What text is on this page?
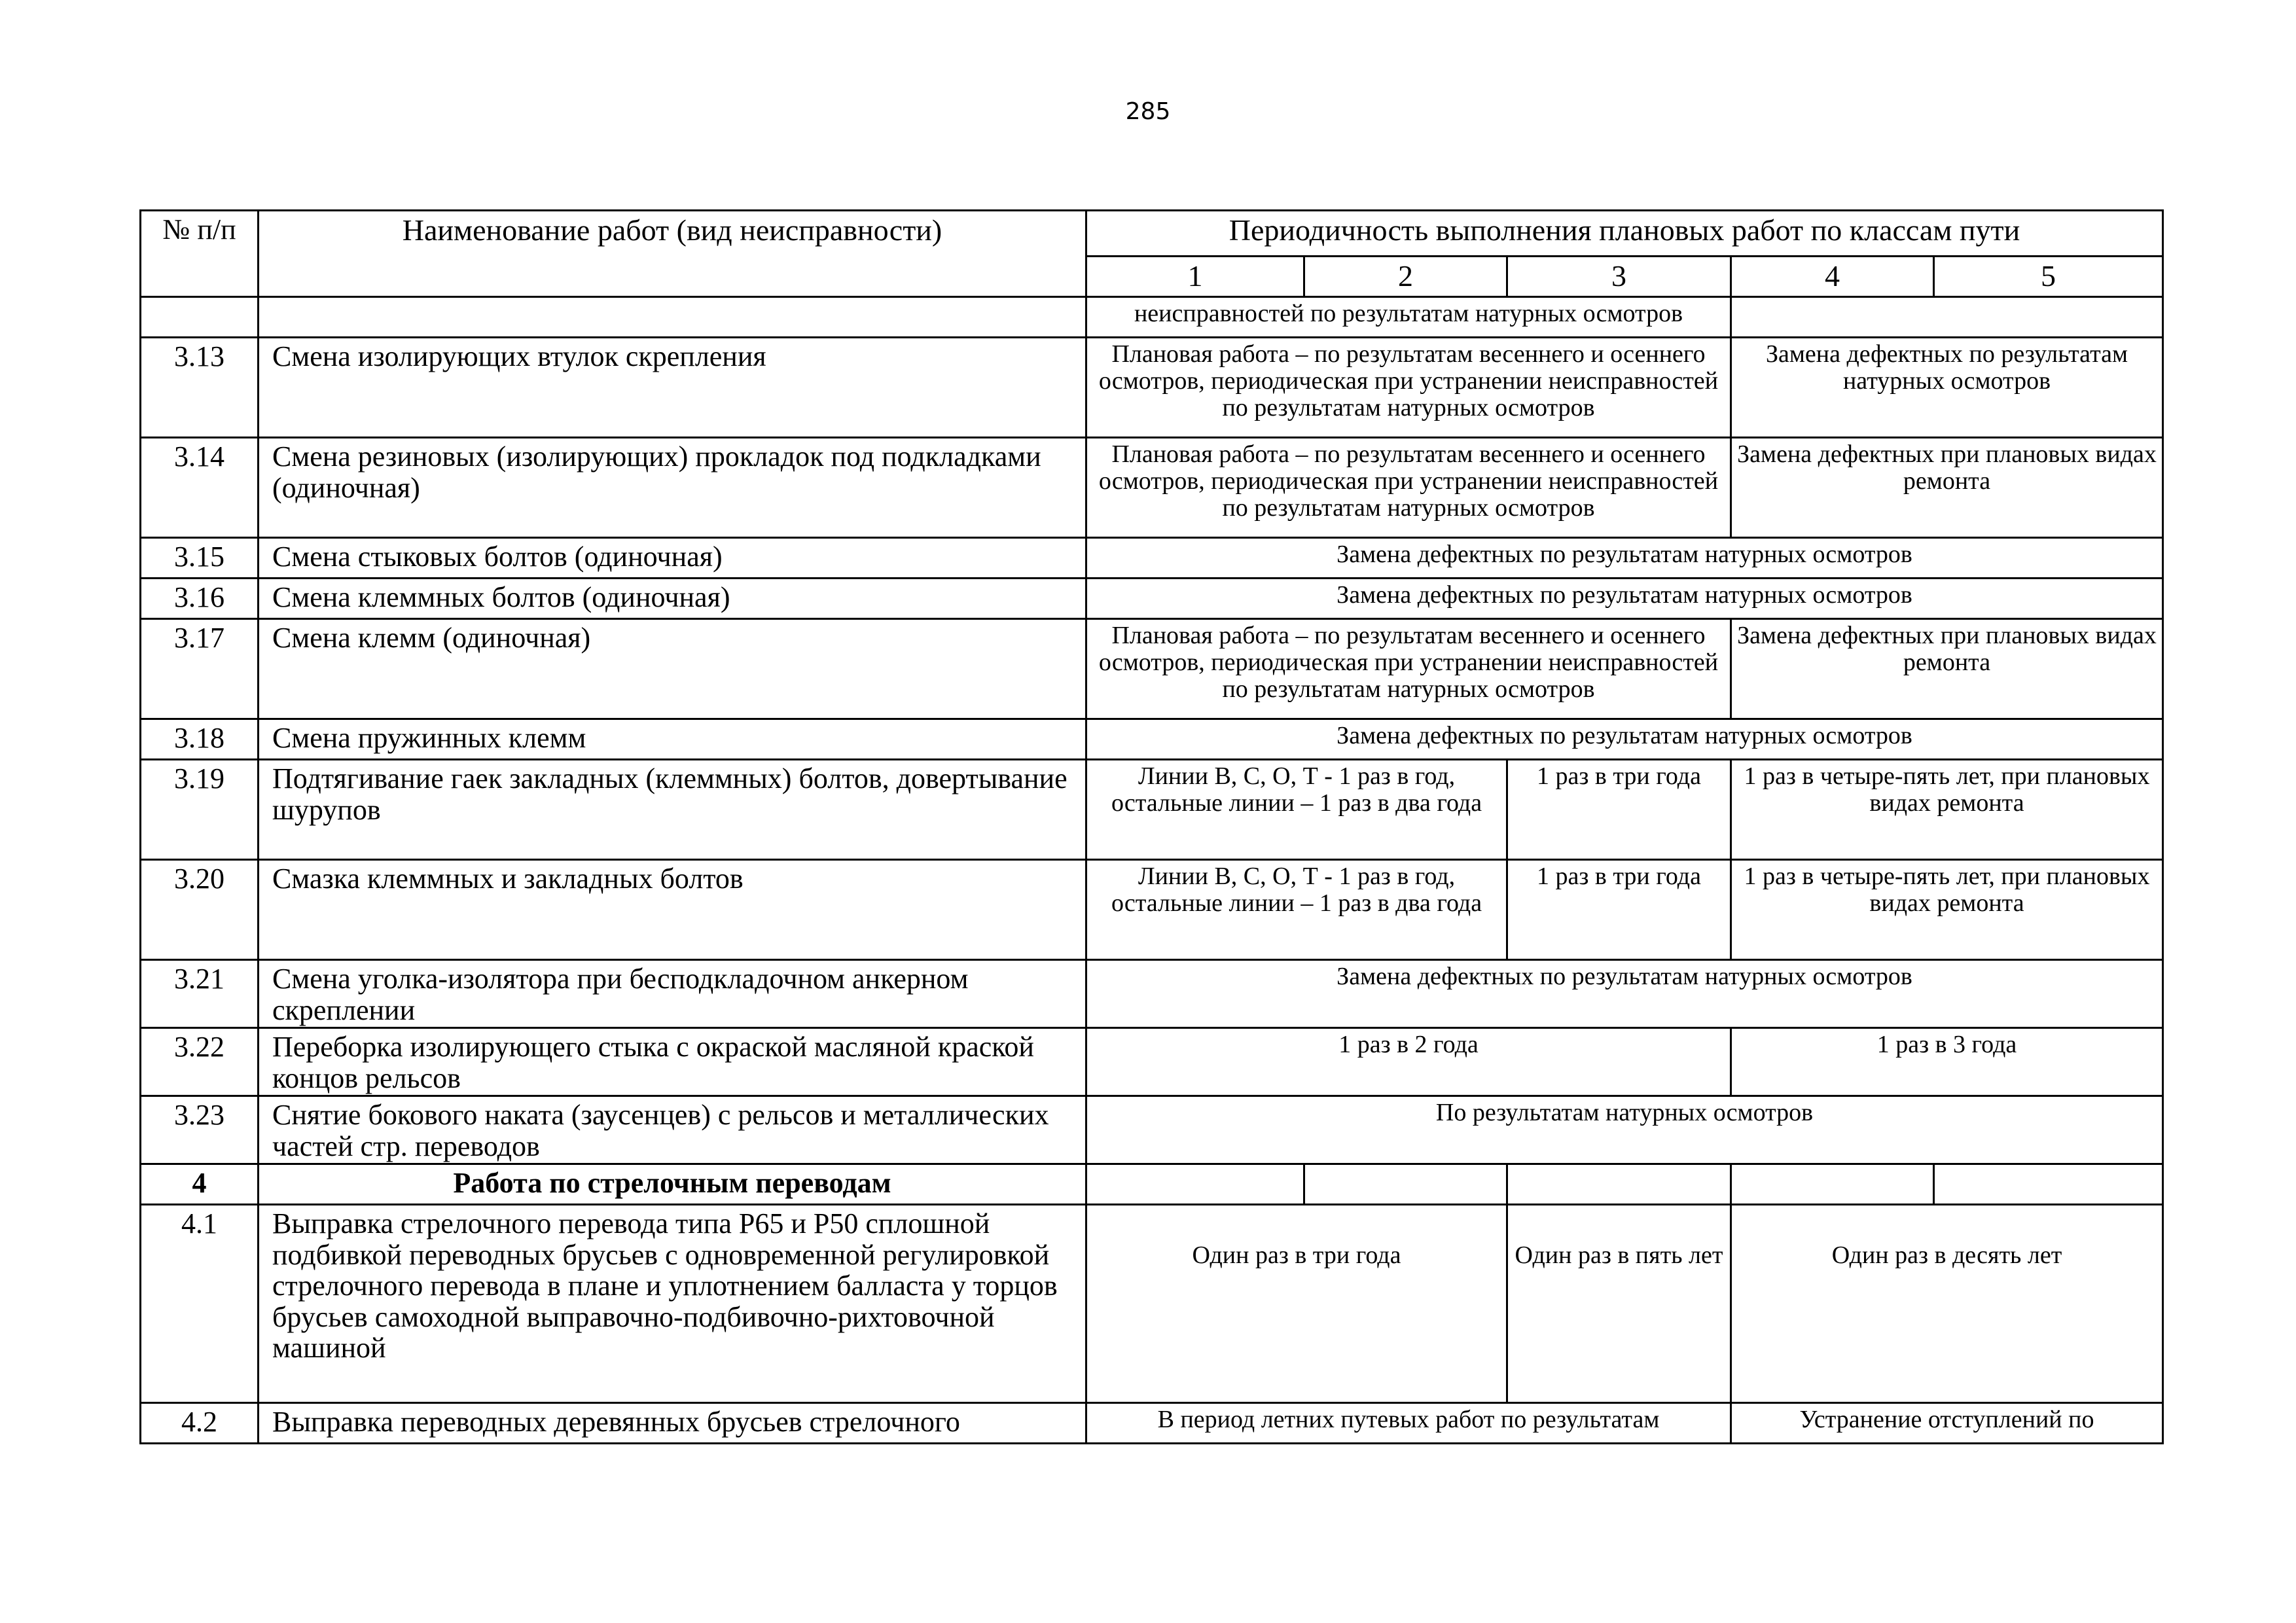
285
№ п/п	Наименование работ (вид неисправности)	Периодичность выполнения плановых работ по классам пути				
		1	2	3	4	5
		неисправностей по результатам натурных осмотров				
3.13	Смена изолирующих втулок скрепления	Плановая работа – по результатам весеннего и осеннего осмотров, периодическая при устранении неисправностей по результатам натурных осмотров			Замена дефектных по результатам натурных осмотров	
3.14	Смена резиновых (изолирующих) прокладок под подкладками (одиночная)	Плановая работа – по результатам весеннего и осеннего осмотров, периодическая при устранении неисправностей по результатам натурных осмотров			Замена дефектных при плановых видах ремонта	
3.15	Смена стыковых болтов (одиночная)	Замена дефектных по результатам натурных осмотров				
3.16	Смена клеммных болтов (одиночная)	Замена дефектных по результатам натурных осмотров				
3.17	Смена клемм (одиночная)	Плановая работа – по результатам весеннего и осеннего осмотров, периодическая при устранении неисправностей по результатам натурных осмотров			Замена дефектных при плановых видах ремонта	
3.18	Смена пружинных клемм	Замена дефектных по результатам натурных осмотров				
3.19	Подтягивание гаек закладных (клеммных) болтов, довертывание шурупов	Линии В, С, О, Т - 1 раз в год, остальные линии – 1 раз в два года		1 раз в три года	1 раз в четыре-пять лет, при плановых видах ремонта	
3.20	Смазка клеммных и закладных болтов	Линии В, С, О, Т - 1 раз в год, остальные линии – 1 раз в два года		1 раз в три года	1 раз в четыре-пять лет, при плановых видах ремонта	
3.21	Смена уголка-изолятора при бесподкладочном анкерном скреплении	Замена дефектных по результатам натурных осмотров				
3.22	Переборка изолирующего стыка с окраской масляной краской концов рельсов	1 раз в 2 года			1 раз в 3 года	
3.23	Снятие бокового наката (заусенцев) с рельсов и металлических частей стр. переводов	По результатам натурных осмотров				
4	Работа по стрелочным переводам					
4.1	Выправка стрелочного перевода типа Р65 и Р50 сплошной подбивкой переводных брусьев с одновременной регулировкой стрелочного перевода в плане и уплотнением балласта у торцов брусьев самоходной выправочно-подбивочно-рихтовочной машиной	Один раз в три года		Один раз в пять лет	Один раз в десять лет	
4.2	Выправка переводных деревянных брусьев стрелочного	В период летних путевых работ по результатам			Устранение отступлений по	
